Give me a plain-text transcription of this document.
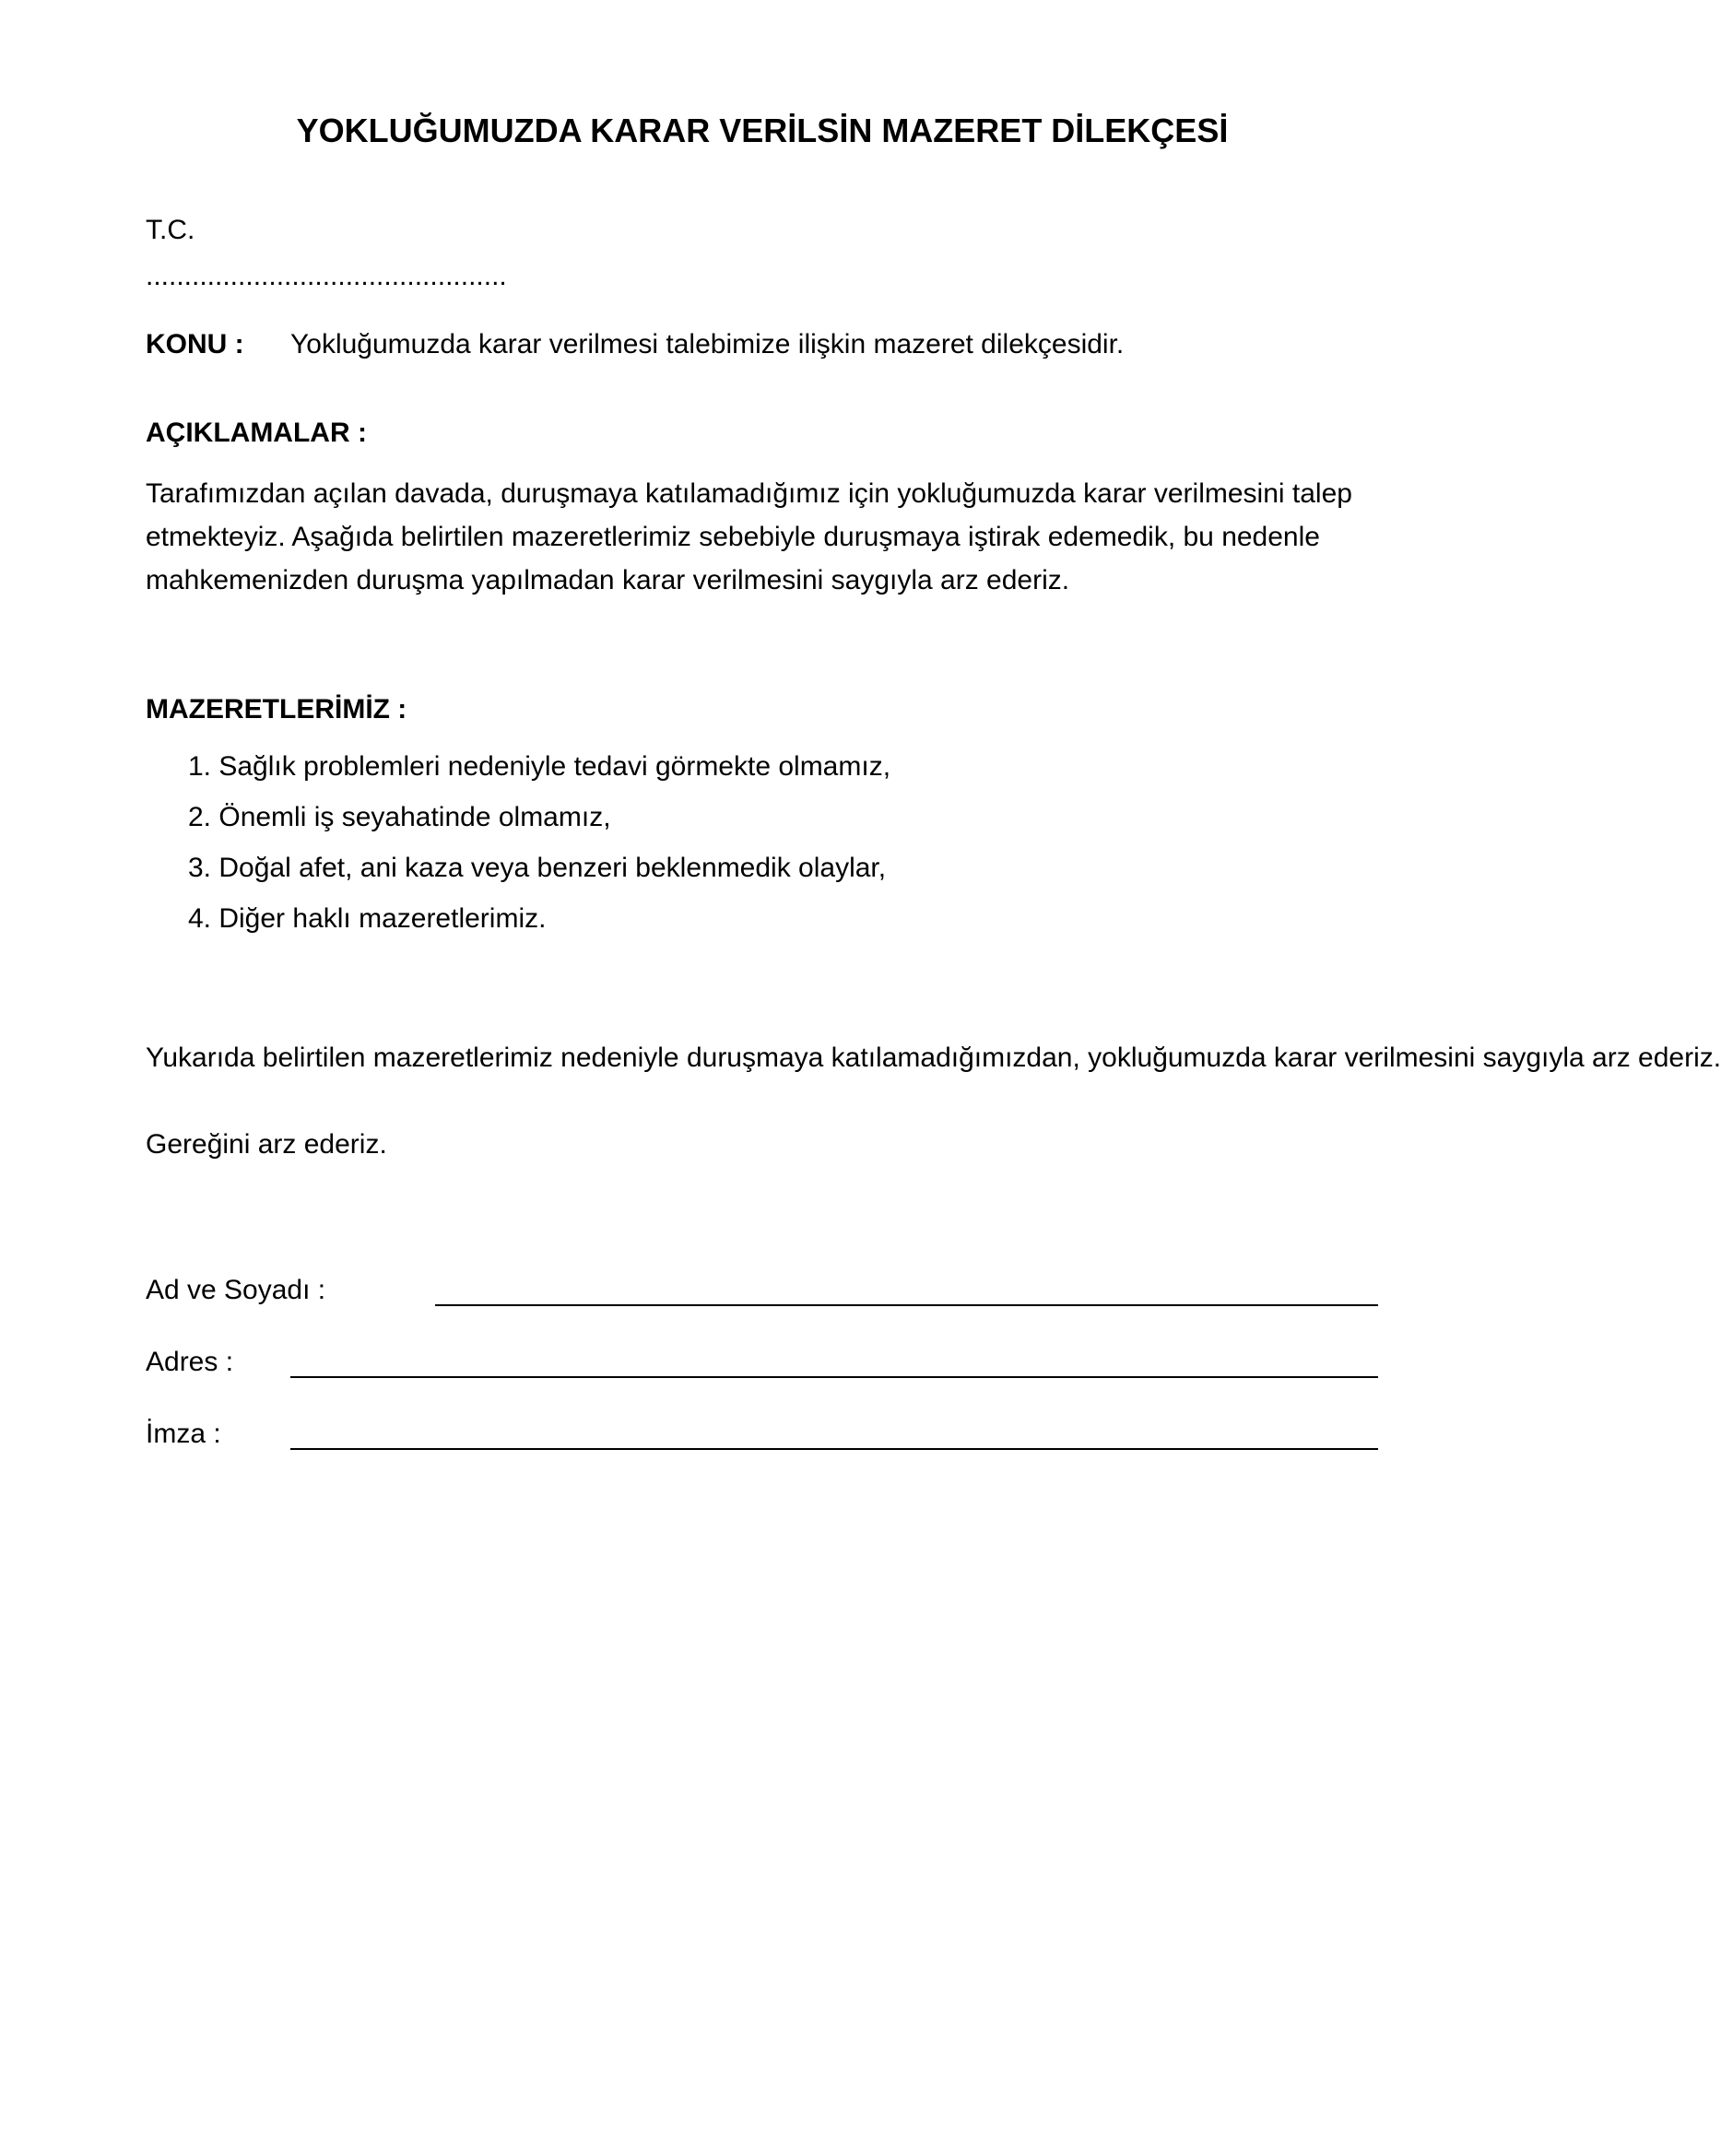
YOKLUĞUMUZDA KARAR VERİLSİN MAZERET DİLEKÇESİ
T.C.
...............................................
KONU : Yokluğumuzda karar verilmesi talebimize ilişkin mazeret dilekçesidir.
AÇIKLAMALAR :
Tarafımızdan açılan davada, duruşmaya katılamadığımız için yokluğumuzda karar verilmesini talep
etmekteyiz. Aşağıda belirtilen mazeretlerimiz sebebiyle duruşmaya iştirak edemedik, bu nedenle
mahkemenizden duruşma yapılmadan karar verilmesini saygıyla arz ederiz.
MAZERETLERİMİZ :
1. Sağlık problemleri nedeniyle tedavi görmekte olmamız,
2. Önemli iş seyahatinde olmamız,
3. Doğal afet, ani kaza veya benzeri beklenmedik olaylar,
4. Diğer haklı mazeretlerimiz.
Yukarıda belirtilen mazeretlerimiz nedeniyle duruşmaya katılamadığımızdan, yokluğumuzda karar verilmesini saygıyla arz ederiz.
Gereğini arz ederiz.
Ad ve Soyadı :
Adres :
İmza :
